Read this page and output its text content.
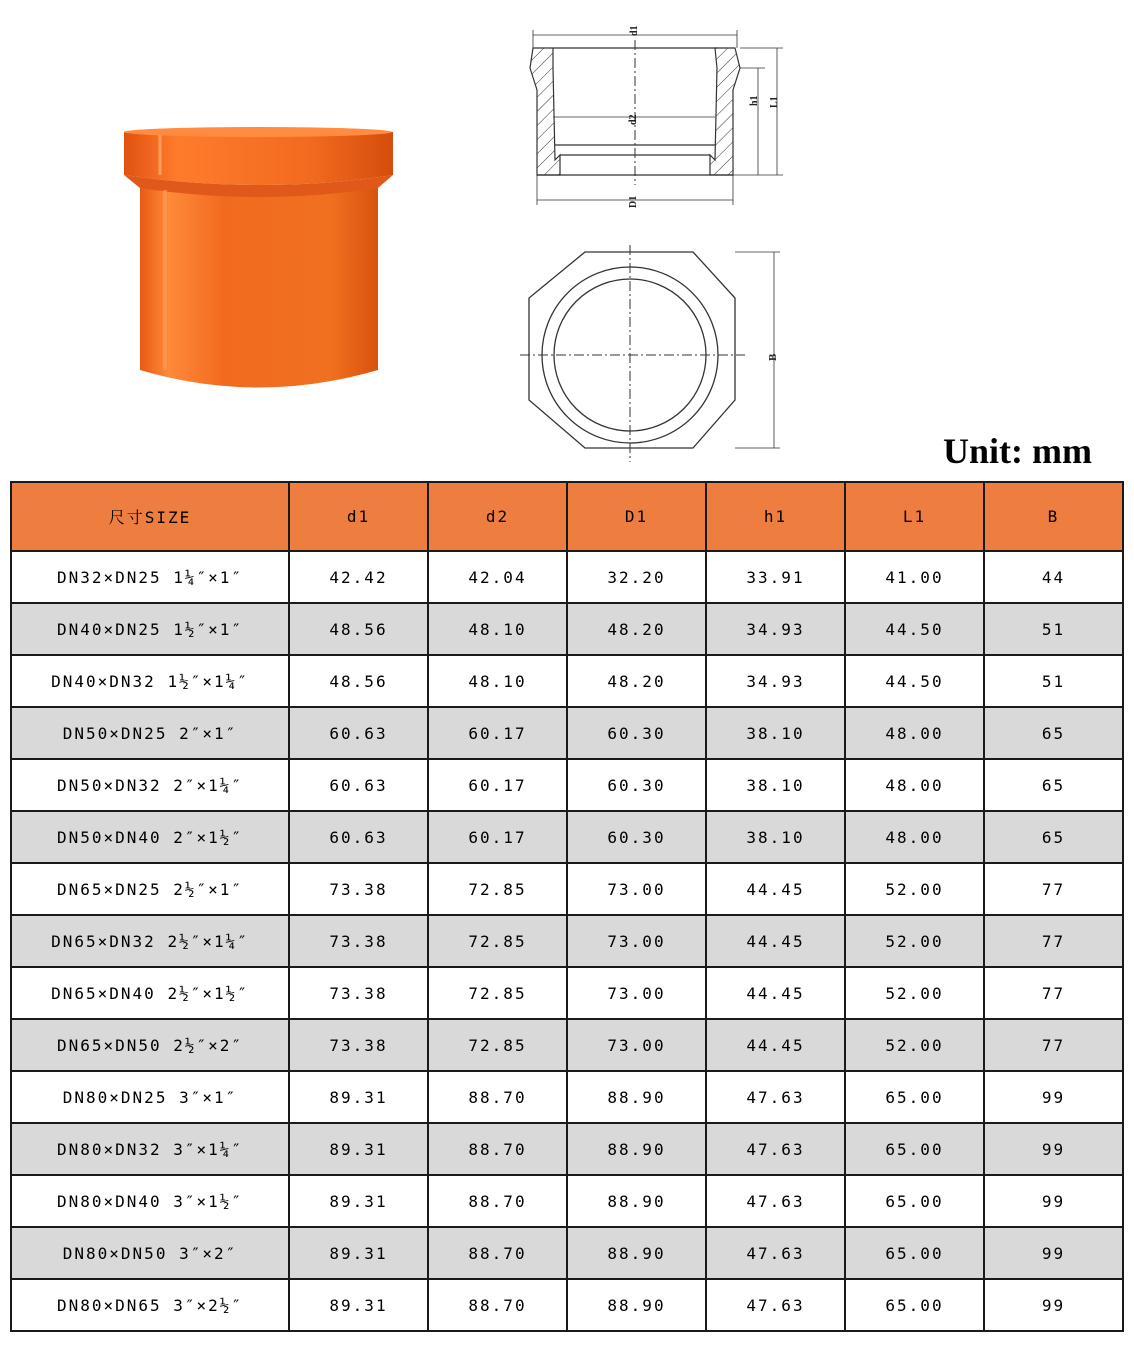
d1
d2
D1
h1 L1
B
Unit: mm
尺寸SIZE	d1	d2	D1	h1	L1	B
DN32×DN25 1¼″×1″	42.42	42.04	32.20	33.91	41.00	44
DN40×DN25 1½″×1″	48.56	48.10	48.20	34.93	44.50	51
DN40×DN32 1½″×1¼″	48.56	48.10	48.20	34.93	44.50	51
DN50×DN25 2″×1″	60.63	60.17	60.30	38.10	48.00	65
DN50×DN32 2″×1¼″	60.63	60.17	60.30	38.10	48.00	65
DN50×DN40 2″×1½″	60.63	60.17	60.30	38.10	48.00	65
DN65×DN25 2½″×1″	73.38	72.85	73.00	44.45	52.00	77
DN65×DN32 2½″×1¼″	73.38	72.85	73.00	44.45	52.00	77
DN65×DN40 2½″×1½″	73.38	72.85	73.00	44.45	52.00	77
DN65×DN50 2½″×2″	73.38	72.85	73.00	44.45	52.00	77
DN80×DN25 3″×1″	89.31	88.70	88.90	47.63	65.00	99
DN80×DN32 3″×1¼″	89.31	88.70	88.90	47.63	65.00	99
DN80×DN40 3″×1½″	89.31	88.70	88.90	47.63	65.00	99
DN80×DN50 3″×2″	89.31	88.70	88.90	47.63	65.00	99
DN80×DN65 3″×2½″	89.31	88.70	88.90	47.63	65.00	99
